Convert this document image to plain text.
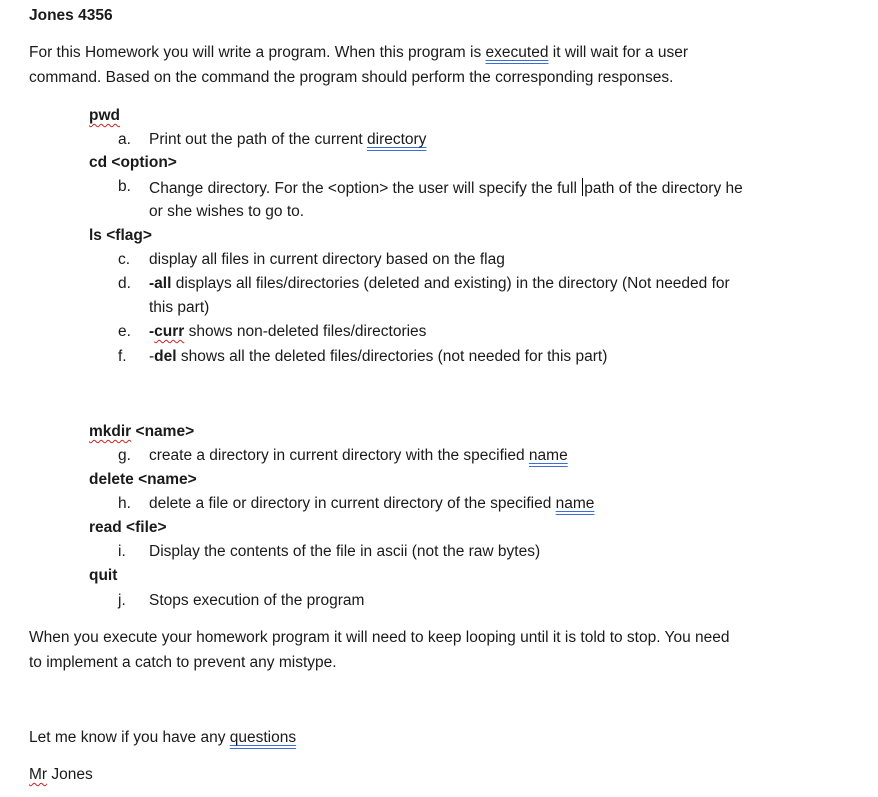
Jones 4356
For this Homework you will write a program. When this program is executed it will wait for a user
command. Based on the command the program should perform the corresponding responses.
pwd
a.	Print out the path of the current directory
cd <option>
b.	Change directory. For the <option> the user will specify the full path of the directory he
or she wishes to go to.
ls <flag>
c.	display all files in current directory based on the flag
d.	-all displays all files/directories (deleted and existing) in the directory (Not needed for
this part)
e.	-curr shows non-deleted files/directories
f.	-del shows all the deleted files/directories (not needed for this part)
mkdir <name>
g.	create a directory in current directory with the specified name
delete <name>
h.	delete a file or directory in current directory of the specified name
read <file>
i.	Display the contents of the file in ascii (not the raw bytes)
quit
j.	Stops execution of the program
When you execute your homework program it will need to keep looping until it is told to stop. You need
to implement a catch to prevent any mistype.
Let me know if you have any questions
Mr Jones
